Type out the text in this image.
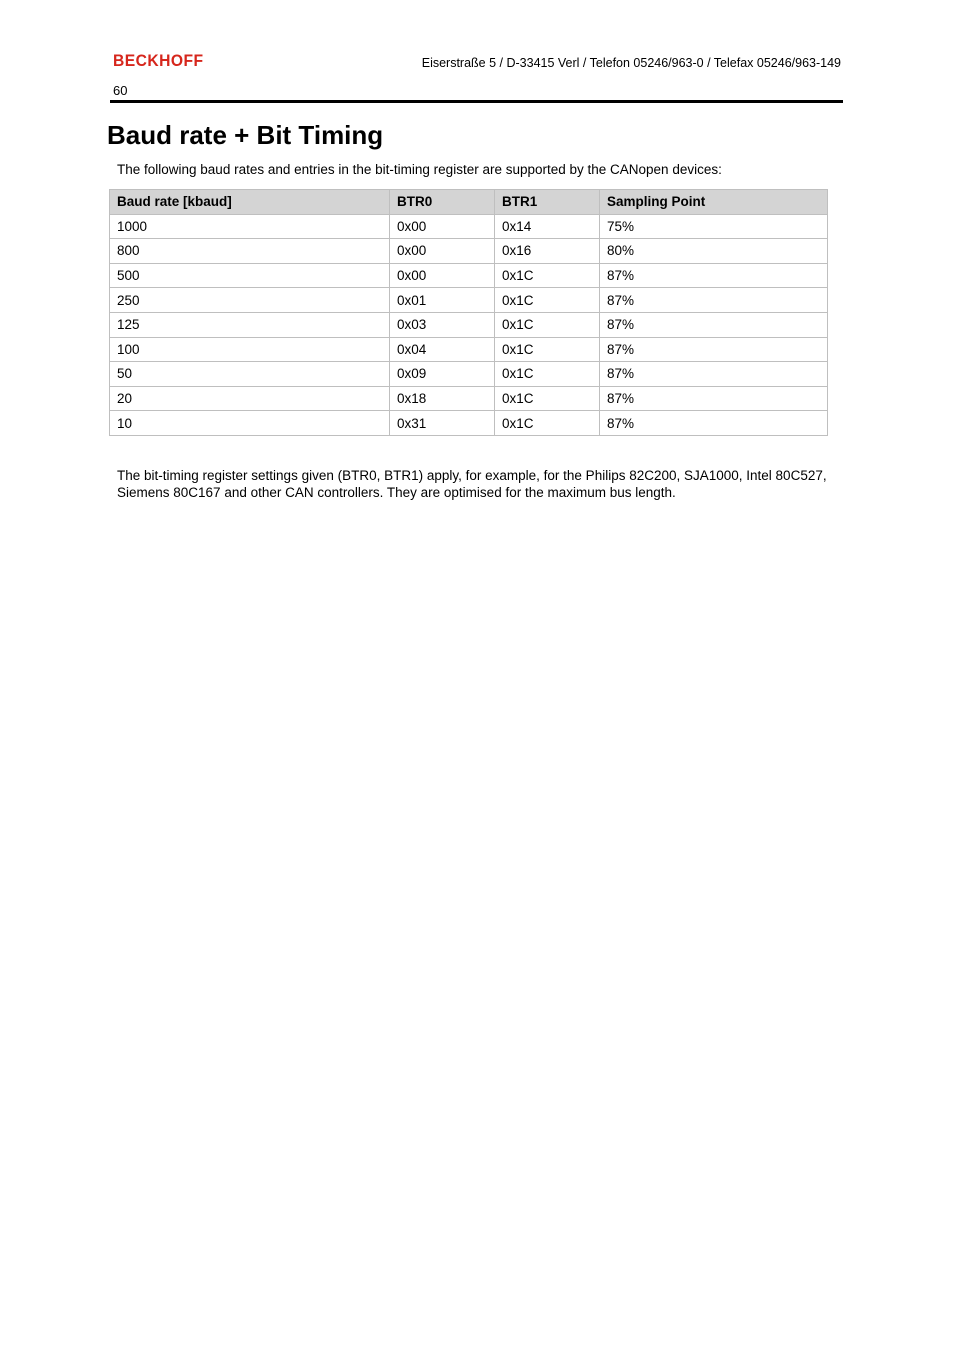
BECKHOFF	Eiserstraße 5 / D-33415 Verl / Telefon 05246/963-0 / Telefax 05246/963-149
60
Baud rate + Bit Timing
The following baud rates and entries in the bit-timing register are supported by the CANopen devices:
Baud rate [kbaud]	BTR0	BTR1	Sampling Point
1000	0x00	0x14	75%
800	0x00	0x16	80%
500	0x00	0x1C	87%
250	0x01	0x1C	87%
125	0x03	0x1C	87%
100	0x04	0x1C	87%
50	0x09	0x1C	87%
20	0x18	0x1C	87%
10	0x31	0x1C	87%

The bit-timing register settings given (BTR0, BTR1) apply, for example, for the Philips 82C200, SJA1000, Intel 80C527, Siemens 80C167 and other CAN controllers. They are optimised for the maximum bus length.
